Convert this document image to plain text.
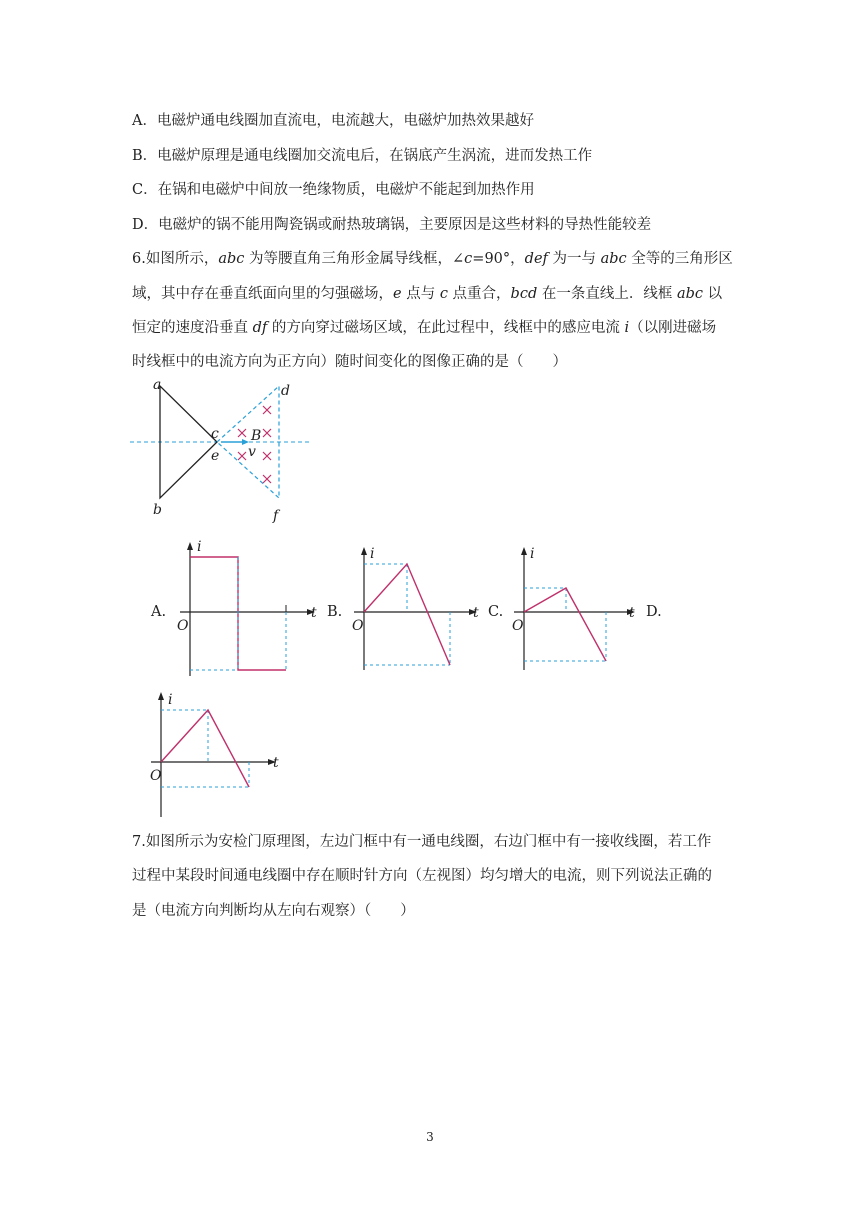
A．电磁炉通电线圈加直流电，电流越大，电磁炉加热效果越好
B．电磁炉原理是通电线圈加交流电后，在锅底产生涡流，进而发热工作
C．在锅和电磁炉中间放一绝缘物质，电磁炉不能起到加热作用
D．电磁炉的锅不能用陶瓷锅或耐热玻璃锅，主要原因是这些材料的导热性能较差
6.如图所示，abc 为等腰直角三角形金属导线框，∠c=90°，def 为一与 abc 全等的三角形区
域，其中存在垂直纸面向里的匀强磁场，e 点与 c 点重合，bcd 在一条直线上．线框 abc 以
恒定的速度沿垂直 df 的方向穿过磁场区域，在此过程中，线框中的感应电流 i（以刚进磁场
时线框中的电流方向为正方向）随时间变化的图像正确的是（　　）
a
b
c
e
d
f
B
v
A.
i
t
O
B.
i
t
O
C.
i
t
O
D.
i
t
O
7.如图所示为安检门原理图，左边门框中有一通电线圈，右边门框中有一接收线圈，若工作
过程中某段时间通电线圈中存在顺时针方向（左视图）均匀增大的电流，则下列说法正确的
是（电流方向判断均从左向右观察）（　　）
3
